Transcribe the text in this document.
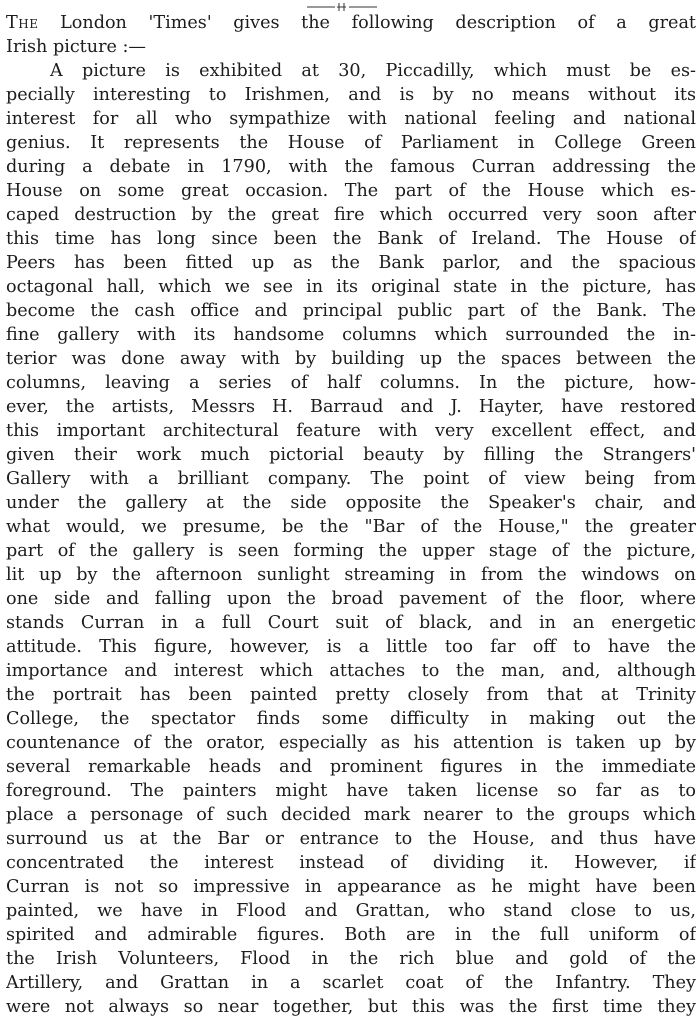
The London 'Times' gives the following description of a great
Irish picture :—
A picture is exhibited at 30, Piccadilly, which must be es-
pecially interesting to Irishmen, and is by no means without its
interest for all who sympathize with national feeling and national
genius. It represents the House of Parliament in College Green
during a debate in 1790, with the famous Curran addressing the
House on some great occasion. The part of the House which es-
caped destruction by the great fire which occurred very soon after
this time has long since been the Bank of Ireland. The House of
Peers has been fitted up as the Bank parlor, and the spacious
octagonal hall, which we see in its original state in the picture, has
become the cash office and principal public part of the Bank. The
fine gallery with its handsome columns which surrounded the in-
terior was done away with by building up the spaces between the
columns, leaving a series of half columns. In the picture, how-
ever, the artists, Messrs H. Barraud and J. Hayter, have restored
this important architectural feature with very excellent effect, and
given their work much pictorial beauty by filling the Strangers'
Gallery with a brilliant company. The point of view being from
under the gallery at the side opposite the Speaker's chair, and
what would, we presume, be the "Bar of the House," the greater
part of the gallery is seen forming the upper stage of the picture,
lit up by the afternoon sunlight streaming in from the windows on
one side and falling upon the broad pavement of the floor, where
stands Curran in a full Court suit of black, and in an energetic
attitude. This figure, however, is a little too far off to have the
importance and interest which attaches to the man, and, although
the portrait has been painted pretty closely from that at Trinity
College, the spectator finds some difficulty in making out the
countenance of the orator, especially as his attention is taken up by
several remarkable heads and prominent figures in the immediate
foreground. The painters might have taken license so far as to
place a personage of such decided mark nearer to the groups which
surround us at the Bar or entrance to the House, and thus have
concentrated the interest instead of dividing it. However, if
Curran is not so impressive in appearance as he might have been
painted, we have in Flood and Grattan, who stand close to us,
spirited and admirable figures. Both are in the full uniform of
the Irish Volunteers, Flood in the rich blue and gold of the
Artillery, and Grattan in a scarlet coat of the Infantry. They
were not always so near together, but this was the first time they
